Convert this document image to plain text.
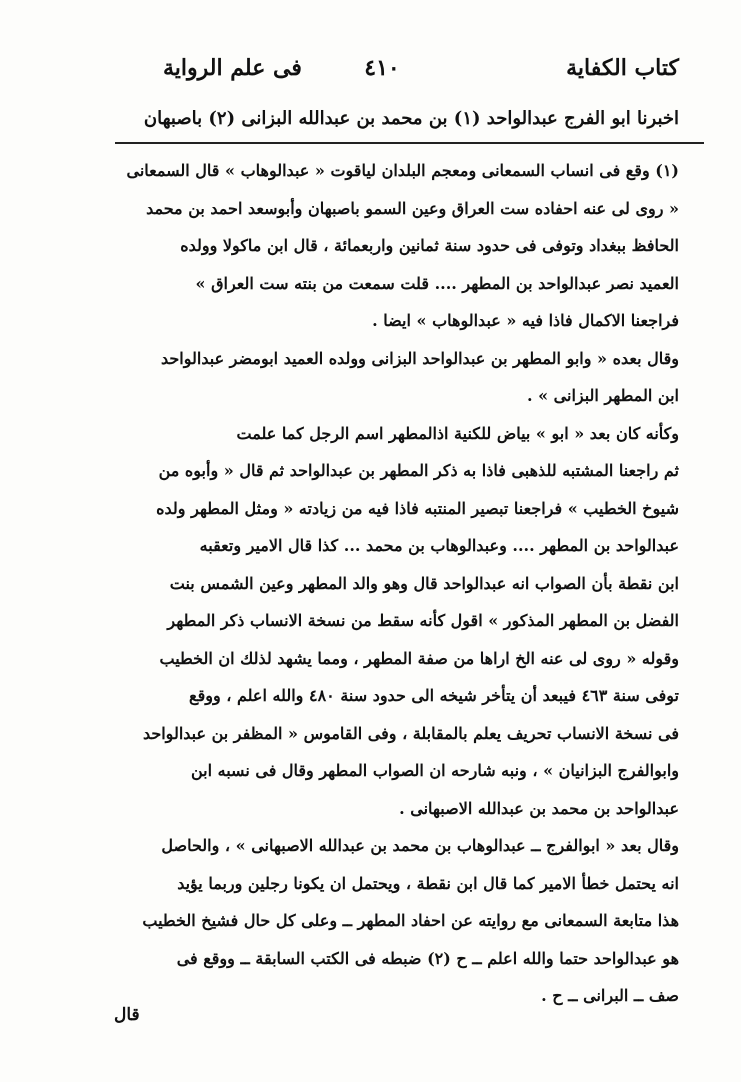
كتاب الكفاية
٤١٠
فى علم الرواية
اخبرنا ابو الفرج عبدالواحد (١) بن محمد بن عبدالله البزانى (٢) باصبهان
(١) وقع فى انساب السمعانى ومعجم البلدان لياقوت « عبدالوهاب » قال السمعانى
« روى لى عنه احفاده ست العراق وعين السمو باصبهان وأبوسعد احمد بن محمد
الحافظ ببغداد وتوفى فى حدود سنة ثمانين واربعمائة ، قال ابن ماكولا وولده
العميد نصر عبدالواحد بن المطهر .... قلت سمعت من بنته ست العراق »
فراجعنا الاكمال فاذا فيه « عبدالوهاب » ايضا .
وقال بعده « وابو المطهر بن عبدالواحد البزانى وولده العميد ابومضر عبدالواحد
ابن المطهر البزانى » .
وكأنه كان بعد « ابو » بياض للكنية اذالمطهر اسم الرجل كما علمت
ثم راجعنا المشتبه للذهبى فاذا به ذكر المطهر بن عبدالواحد ثم قال « وأبوه من
شيوخ الخطيب » فراجعنا تبصير المنتبه فاذا فيه من زيادته « ومثل المطهر ولده
عبدالواحد بن المطهر .... وعبدالوهاب بن محمد ... كذا قال الامير وتعقبه
ابن نقطة بأن الصواب انه عبدالواحد قال وهو والد المطهر وعين الشمس بنت
الفضل بن المطهر المذكور » اقول كأنه سقط من نسخة الانساب ذكر المطهر
وقوله « روى لى عنه الخ اراها من صفة المطهر ، ومما يشهد لذلك ان الخطيب
توفى سنة ٤٦٣ فيبعد أن يتأخر شيخه الى حدود سنة ٤٨٠ والله اعلم ، ووقع
فى نسخة الانساب تحريف يعلم بالمقابلة ، وفى القاموس « المظفر بن عبدالواحد
وابوالفرج البزانيان » ، ونبه شارحه ان الصواب المطهر وقال فى نسبه ابن
عبدالواحد بن محمد بن عبدالله الاصبهانى .
وقال بعد « ابوالفرج ــ عبدالوهاب بن محمد بن عبدالله الاصبهانى » ، والحاصل
انه يحتمل خطأ الامير كما قال ابن نقطة ، ويحتمل ان يكونا رجلين وربما يؤيد
هذا متابعة السمعانى مع روايته عن احفاد المطهر ــ وعلى كل حال فشيخ الخطيب
هو عبدالواحد حتما والله اعلم ــ ح (٢) ضبطه فى الكتب السابقة ــ ووقع فى
صف ــ البرانى ــ ح .
قال
